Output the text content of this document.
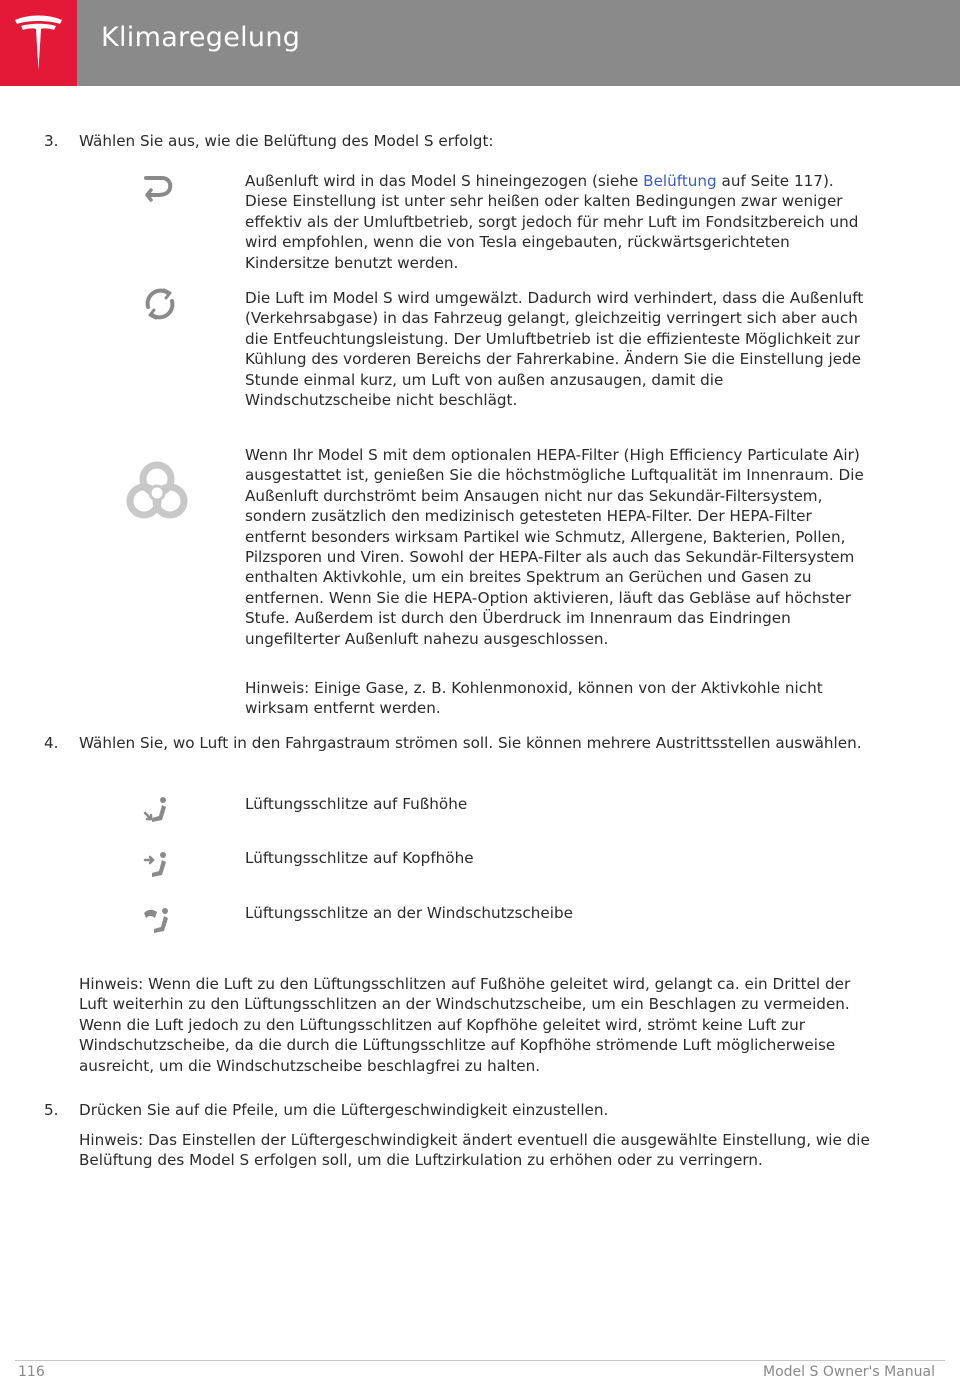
Klimaregelung
3. Wählen Sie aus, wie die Belüftung des Model S erfolgt:

Außenluft wird in das Model S hineingezogen (siehe Belüftung auf Seite 117). Diese Einstellung ist unter sehr heißen oder kalten Bedingungen zwar weniger effektiv als der Umluftbetrieb, sorgt jedoch für mehr Luft im Fondsitzbereich und wird empfohlen, wenn die von Tesla eingebauten, rückwärtsgerichteten Kindersitze benutzt werden.

Die Luft im Model S wird umgewälzt. Dadurch wird verhindert, dass die Außenluft (Verkehrsabgase) in das Fahrzeug gelangt, gleichzeitig verringert sich aber auch die Entfeuchtungsleistung. Der Umluftbetrieb ist die effizienteste Möglichkeit zur Kühlung des vorderen Bereichs der Fahrerkabine. Ändern Sie die Einstellung jede Stunde einmal kurz, um Luft von außen anzusaugen, damit die Windschutzscheibe nicht beschlägt.

Wenn Ihr Model S mit dem optionalen HEPA-Filter (High Efficiency Particulate Air) ausgestattet ist, genießen Sie die höchstmögliche Luftqualität im Innenraum. Die Außenluft durchströmt beim Ansaugen nicht nur das Sekundär-Filtersystem, sondern zusätzlich den medizinisch getesteten HEPA-Filter. Der HEPA-Filter entfernt besonders wirksam Partikel wie Schmutz, Allergene, Bakterien, Pollen, Pilzsporen und Viren. Sowohl der HEPA-Filter als auch das Sekundär-Filtersystem enthalten Aktivkohle, um ein breites Spektrum an Gerüchen und Gasen zu entfernen. Wenn Sie die HEPA-Option aktivieren, läuft das Gebläse auf höchster Stufe. Außerdem ist durch den Überdruck im Innenraum das Eindringen ungefilterter Außenluft nahezu ausgeschlossen.

Hinweis: Einige Gase, z. B. Kohlenmonoxid, können von der Aktivkohle nicht wirksam entfernt werden.

4. Wählen Sie, wo Luft in den Fahrgastraum strömen soll. Sie können mehrere Austrittsstellen auswählen.

Lüftungsschlitze auf Fußhöhe

Lüftungsschlitze auf Kopfhöhe

Lüftungsschlitze an der Windschutzscheibe

Hinweis: Wenn die Luft zu den Lüftungsschlitzen auf Fußhöhe geleitet wird, gelangt ca. ein Drittel der Luft weiterhin zu den Lüftungsschlitzen an der Windschutzscheibe, um ein Beschlagen zu vermeiden. Wenn die Luft jedoch zu den Lüftungsschlitzen auf Kopfhöhe geleitet wird, strömt keine Luft zur Windschutzscheibe, da die durch die Lüftungsschlitze auf Kopfhöhe strömende Luft möglicherweise ausreicht, um die Windschutzscheibe beschlagfrei zu halten.

5. Drücken Sie auf die Pfeile, um die Lüftergeschwindigkeit einzustellen.

Hinweis: Das Einstellen der Lüftergeschwindigkeit ändert eventuell die ausgewählte Einstellung, wie die Belüftung des Model S erfolgen soll, um die Luftzirkulation zu erhöhen oder zu verringern.

116	Model S Owner's Manual
